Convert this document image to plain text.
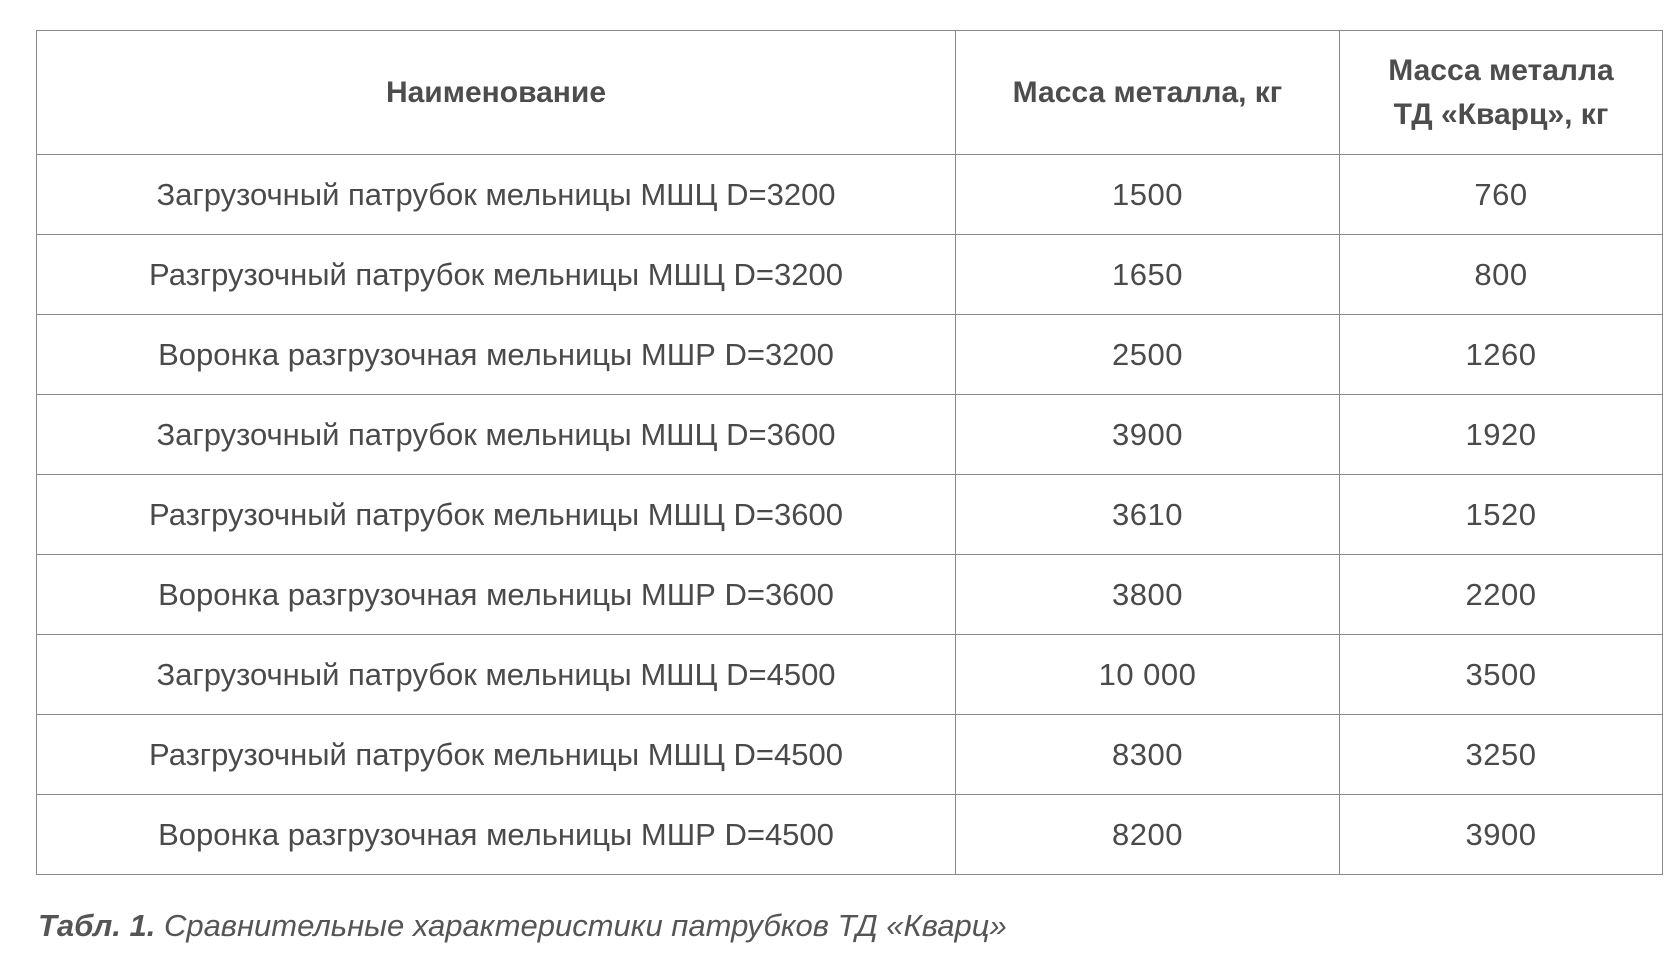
Наименование	Масса металла, кг	Масса металла ТД «Кварц», кг

Загрузочный патрубок мельницы МШЦ D=3200	1500	760
Разгрузочный патрубок мельницы МШЦ D=3200	1650	800
Воронка разгрузочная мельницы МШР D=3200	2500	1260
Загрузочный патрубок мельницы МШЦ D=3600	3900	1920
Разгрузочный патрубок мельницы МШЦ D=3600	3610	1520
Воронка разгрузочная мельницы МШР D=3600	3800	2200
Загрузочный патрубок мельницы МШЦ D=4500	10 000	3500
Разгрузочный патрубок мельницы МШЦ D=4500	8300	3250
Воронка разгрузочная мельницы МШР D=4500	8200	3900
Табл. 1. Сравнительные характеристики патрубков ТД «Кварц»
